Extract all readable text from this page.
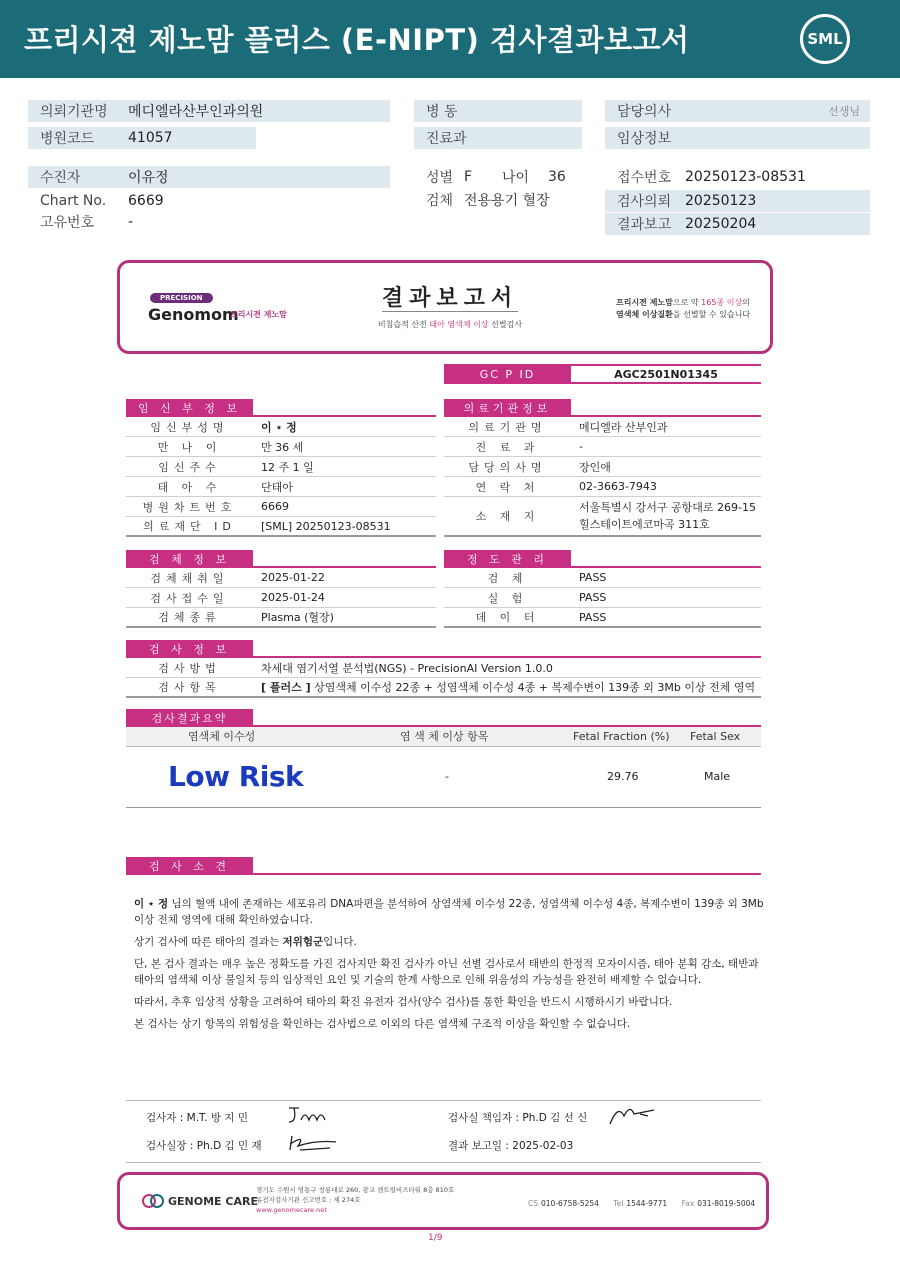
프리시젼 제노맘 플러스 (E-NIPT) 검사결과보고서	SML
의뢰기관명 메디엘라산부인과의원
병원코드 41057
병 동
진료과
담당의사	선생님
임상정보
수진자	이유정
Chart No. 6669
고유번호 -
성별 F 나이 36
검체 전용용기 혈장
접수번호 20250123-08531
검사의뢰 20250123
결과보고 20250204
PRECISION
Genomom
프리시젼 제노맘
결과보고서
비침습적 산전 태아 염색체 이상 선별검사
프리시젼 제노맘으로 약 165종 이상의
염색체 이상질환을 선별할 수 있습니다
GC P ID	AGC2501N01345
임 신 부 정 보
임신부성명	이 ⋆ 정
만 나 이	만 36 세
임신주수	12 주 1 일
태 아 수	단태아
병원차트번호	6669
의료재단 ID	[SML] 20250123-08531
의료기관정보
의료기관명	메디엘라 산부인과
진 료 과	-
담당의사명	장인애
연 락 처	02-3663-7943
소 재 지
서울특별시 강서구 공항대로 269-15
힐스테이트에코마곡 311호
검 체 정 보
검체채취일	2025-01-22
검사접수일	2025-01-24
검체종류	Plasma (혈장)
정 도 관 리
검 체	PASS
실 험	PASS
데 이 터	PASS
검 사 정 보
검사방법	차세대 염기서열 분석법(NGS) - PrecisionAI Version 1.0.0
검사항목	[ 플러스 ] 상염색체 이수성 22종 + 성염색체 이수성 4종 + 복제수변이 139종 외 3Mb 이상 전체 영역
검사결과요약
염색체 이수성	염 색 체 이상 항목	Fetal Fraction (%) Fetal Sex
Low Risk	-	29.76	Male
검 사 소 견

이 ⋆ 정 님의 혈액 내에 존재하는 세포유리 DNA파편을 분석하여 상염색체 이수성 22종, 성염색체 이수성 4종, 복제수변이 139종 외 3Mb 이상 전체 영역에 대해 확인하였습니다.

상기 검사에 따른 태아의 결과는 저위험군입니다.

단, 본 검사 결과는 매우 높은 정확도를 가진 검사지만 확진 검사가 아닌 선별 검사로서 태반의 한정적 모자이시즘, 태아 분획 감소, 태반과 태아의 염색체 이상 불일치 등의 임상적인 요인 및 기술의 한계 사항으로 인해 위음성의 가능성을 완전히 배제할 수 없습니다.

따라서, 추후 임상적 상황을 고려하여 태아의 확진 유전자 검사(양수 검사)를 통한 확인을 반드시 시행하시기 바랍니다.

본 검사는 상기 항목의 위험성을 확인하는 검사법으로 이외의 다른 염색체 구조적 이상을 확인할 수 없습니다.

검사자 : M.T. 방 지 민
검사실장 : Ph.D 김 민 재
검사실 책임자 : Ph.D 김 선 신
결과 보고일 : 2025-02-03
GENOME CARE
경기도 수원시 영통구 창룡대로 260, 광교 센트럴비즈타워 8층 810호
유전자검사기관 신고번호 : 제 274호
www.genomecare.net
CS 010-6758-5254 Tel 1544-9771 Fax 031-8019-5004
1/9
